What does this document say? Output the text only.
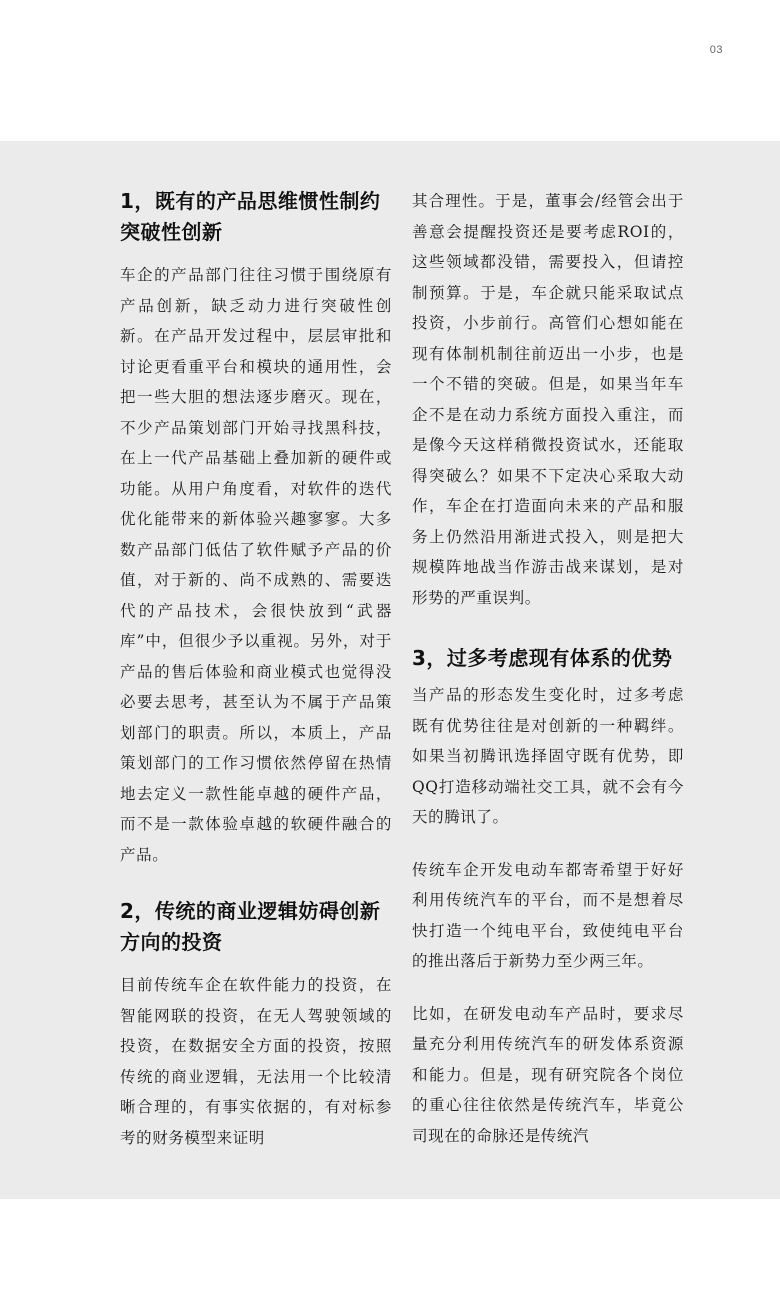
03
1，既有的产品思维惯性制约突破性创新

车企的产品部门往往习惯于围绕原有产品创新，缺乏动力进行突破性创新。在产品开发过程中，层层审批和讨论更看重平台和模块的通用性，会把一些大胆的想法逐步磨灭。现在，不少产品策划部门开始寻找黑科技，在上一代产品基础上叠加新的硬件或功能。从用户角度看，对软件的迭代优化能带来的新体验兴趣寥寥。大多数产品部门低估了软件赋予产品的价值，对于新的、尚不成熟的、需要迭代的产品技术，会很快放到“武器库”中，但很少予以重视。另外，对于产品的售后体验和商业模式也觉得没必要去思考，甚至认为不属于产品策划部门的职责。所以，本质上，产品策划部门的工作习惯依然停留在热情地去定义一款性能卓越的硬件产品，而不是一款体验卓越的软硬件融合的产品。

2，传统的商业逻辑妨碍创新方向的投资

目前传统车企在软件能力的投资，在智能网联的投资，在无人驾驶领域的投资，在数据安全方面的投资，按照传统的商业逻辑，无法用一个比较清晰合理的，有事实依据的，有对标参考的财务模型来证明

其合理性。于是，董事会/经管会出于善意会提醒投资还是要考虑ROI的，这些领域都没错，需要投入，但请控制预算。于是，车企就只能采取试点投资，小步前行。高管们心想如能在现有体制机制往前迈出一小步，也是一个不错的突破。但是，如果当年车企不是在动力系统方面投入重注，而是像今天这样稍微投资试水，还能取得突破么？如果不下定决心采取大动作，车企在打造面向未来的产品和服务上仍然沿用渐进式投入，则是把大规模阵地战当作游击战来谋划，是对形势的严重误判。

3，过多考虑现有体系的优势

当产品的形态发生变化时，过多考虑既有优势往往是对创新的一种羁绊。如果当初腾讯选择固守既有优势，即QQ打造移动端社交工具，就不会有今天的腾讯了。

传统车企开发电动车都寄希望于好好利用传统汽车的平台，而不是想着尽快打造一个纯电平台，致使纯电平台的推出落后于新势力至少两三年。

比如，在研发电动车产品时，要求尽量充分利用传统汽车的研发体系资源和能力。但是，现有研究院各个岗位的重心往往依然是传统汽车，毕竟公司现在的命脉还是传统汽
